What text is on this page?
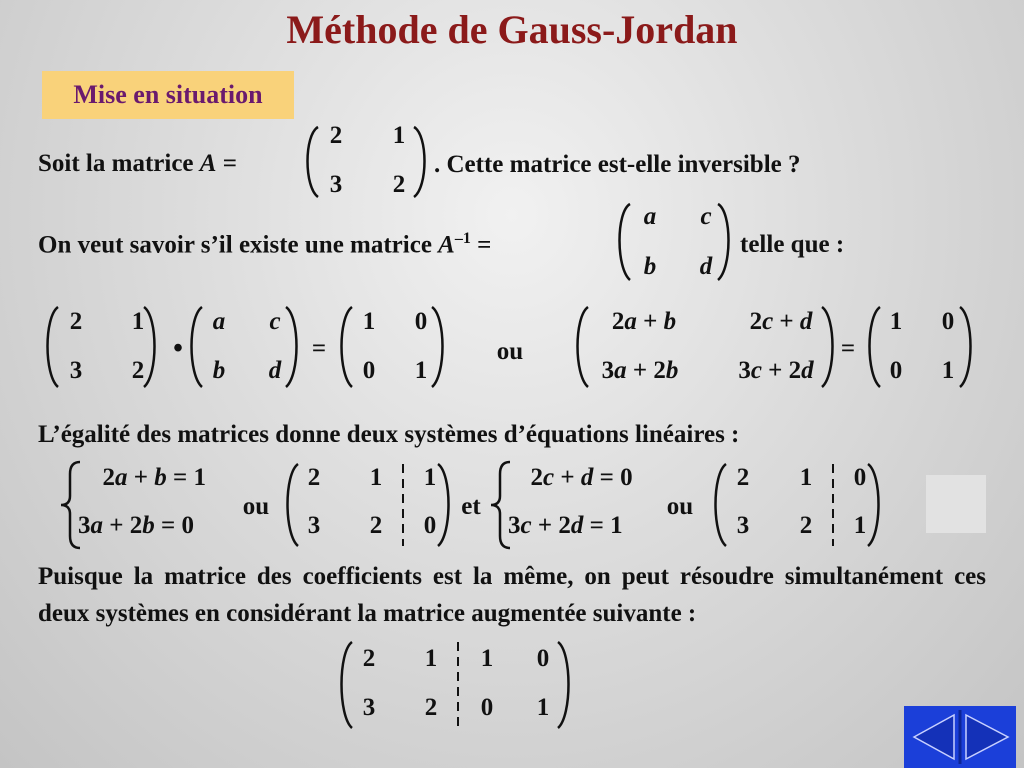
Méthode de Gauss-Jordan
Mise en situation
Soit la matrice A =
2	1
3	2
. Cette matrice est-elle inversible ?
On veut savoir s’il existe une matrice $A^{-1}$ =
a	c
b	d
telle que :
2	1
3	2
•
a	c
b	d
=
1	0
0	1
ou
2a + b	2c + d
3a + 2b	3c + 2d
=
1	0
0	1
L’égalité des matrices donne deux systèmes d’équations linéaires :
2a + b = 1
3a + 2b = 0
ou
2	1	1
3	2	0
et
2c + d = 0
3c + 2d = 1
ou
2	1	0
3	2	1
Puisque la matrice des coefficients est la même, on peut résoudre simultanément ces deux systèmes en considérant la matrice augmentée suivante :
2	1	1	0
3	2	0	1
